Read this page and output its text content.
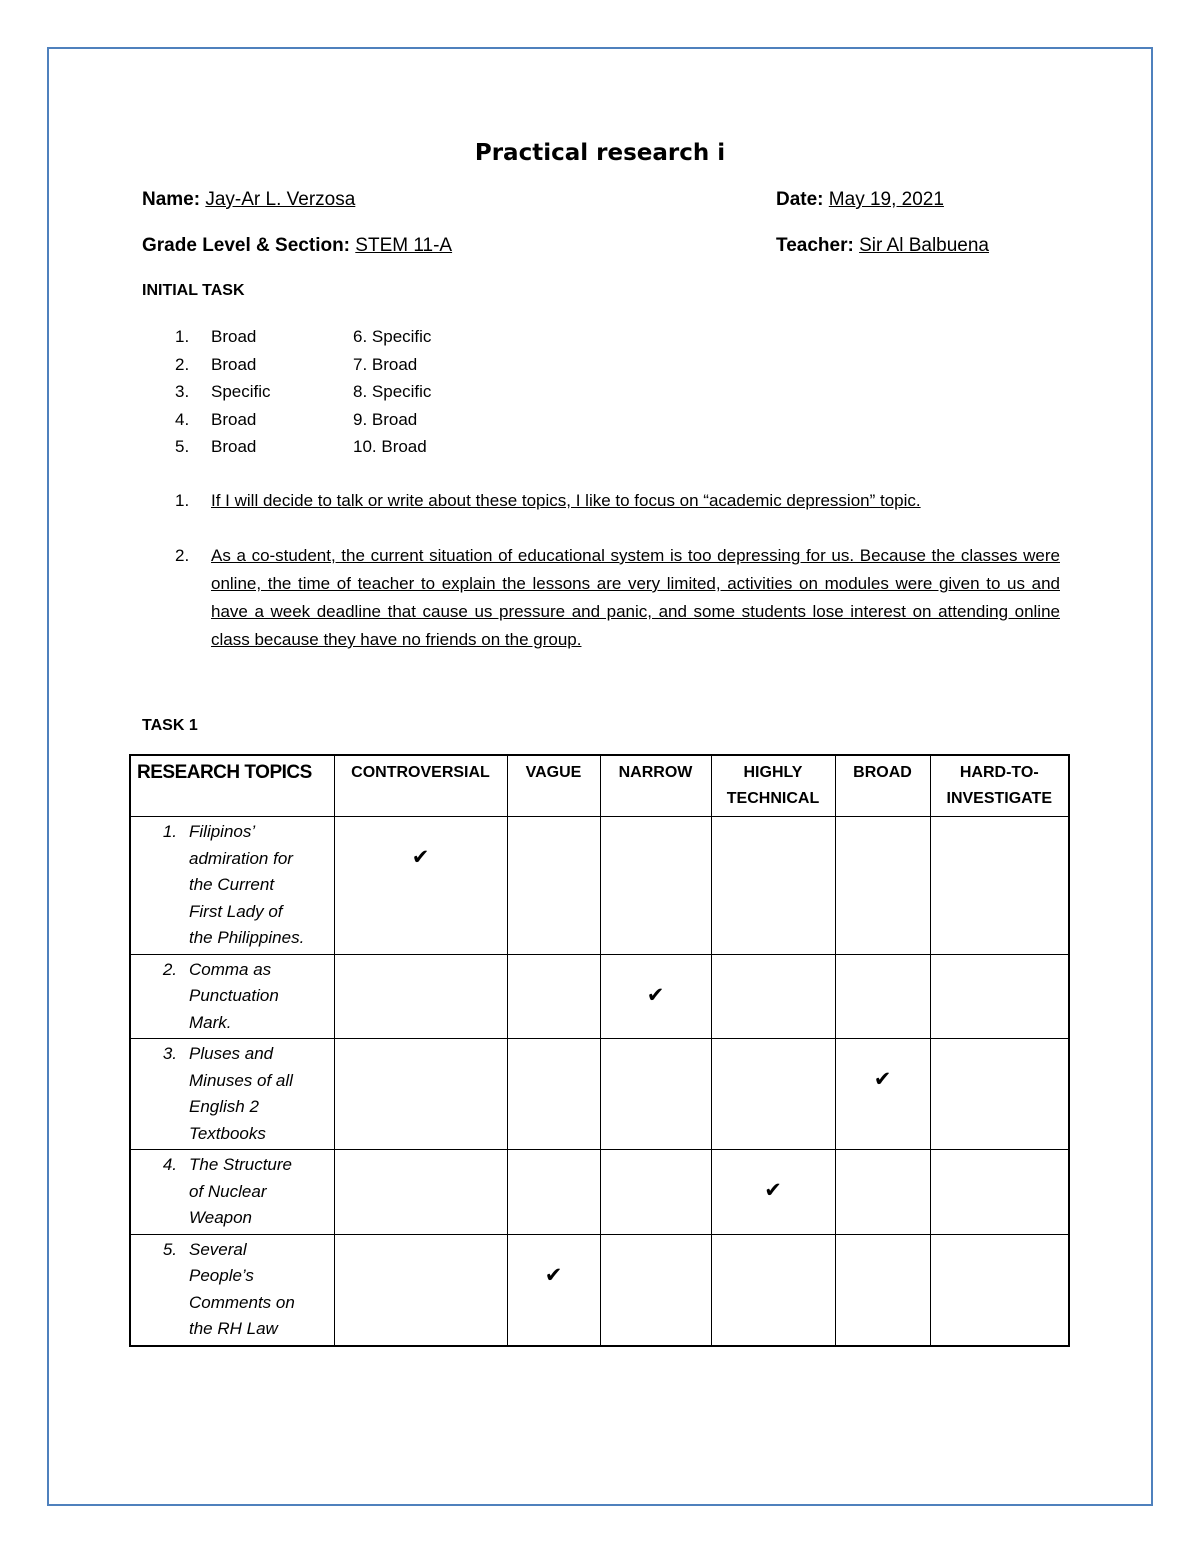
Practical research i
Name: Jay-Ar L. Verzosa	Date: May 19, 2021
Grade Level & Section: STEM 11-A	Teacher: Sir Al Balbuena
INITIAL TASK
1. Broad	6. Specific
2. Broad	7. Broad
3. Specific	8. Specific
4. Broad	9. Broad
5. Broad	10. Broad
1. If I will decide to talk or write about these topics, I like to focus on “academic depression” topic.
2. As a co-student, the current situation of educational system is too depressing for us. Because the classes were online, the time of teacher to explain the lessons are very limited, activities on modules were given to us and have a week deadline that cause us pressure and panic, and some students lose interest on attending online class because they have no friends on the group.
TASK 1
RESEARCH TOPICS	CONTROVERSIAL	VAGUE	NARROW	HIGHLY TECHNICAL	BROAD	HARD-TO-INVESTIGATE
1. Filipinos’ admiration for the Current First Lady of the Philippines.	✔					
2. Comma as Punctuation Mark.			✔			
3. Pluses and Minuses of all English 2 Textbooks					✔	
4. The Structure of Nuclear Weapon				✔		
5. Several People’s Comments on the RH Law		✔				
